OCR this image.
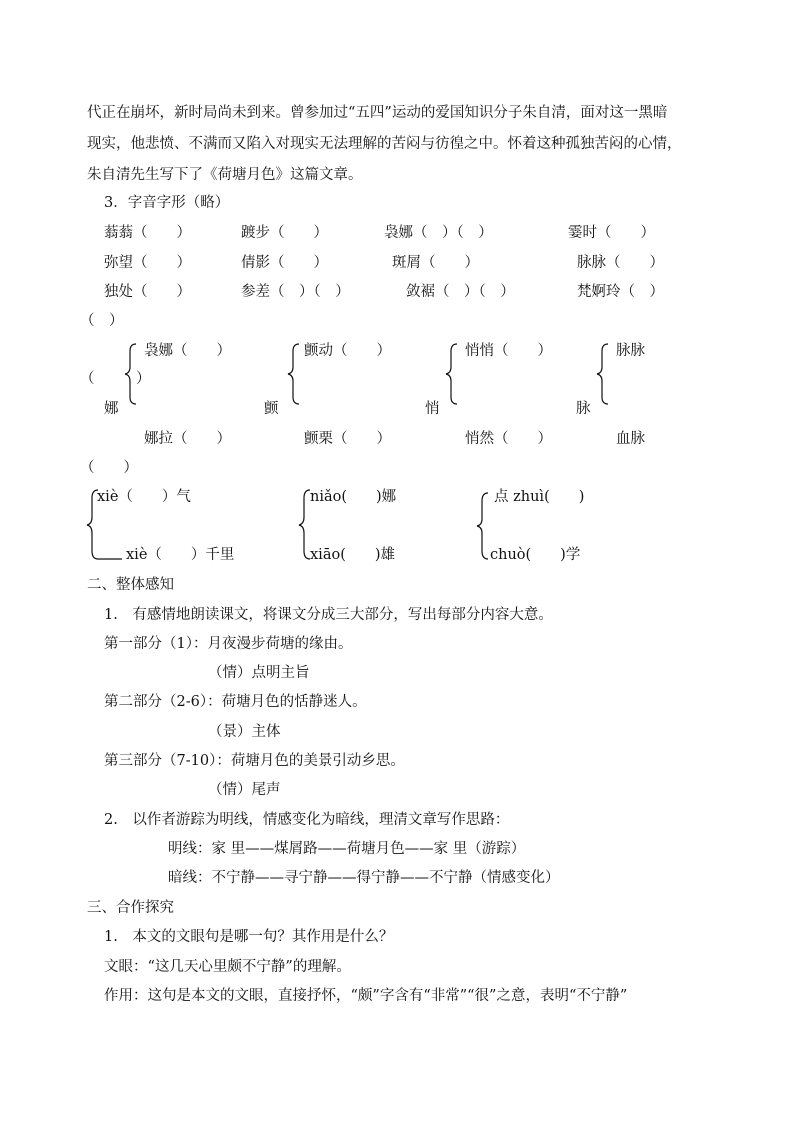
代正在崩坏，新时局尚未到来。曾参加过“五四”运动的爱国知识分子朱自清，面对这一黑暗
现实，他悲愤、不满而又陷入对现实无法理解的苦闷与彷徨之中。怀着这种孤独苦闷的心情，
朱自清先生写下了《荷塘月色》这篇文章。
3．字音字形（略）
蓊蓊（　　）	踱步（　　）	袅娜（　）（　）	霎时（　　）
弥望（　　）	倩影（　　）	斑屑（　　）	脉脉（　　）
独处（　　）	参差（　）（　）	敛裾（　）（　）	梵婀玲（　）
（　）
袅娜（　　）	颤动（　　）	悄悄（　　）	脉脉
（	）
娜	颤	悄	脉
娜拉（　　）	颤栗（　　）	悄然（　　）	血脉
（　　）
xiè（　　）气	niǎo(　　)娜	点 zhuì(　　)
xiè（　　）千里	xiāo(　　)雄	chuò(　　)学
二、整体感知
1.　有感情地朗读课文，将课文分成三大部分，写出每部分内容大意。
第一部分（1）：月夜漫步荷塘的缘由。
（情）点明主旨
第二部分（2-6）：荷塘月色的恬静迷人。
（景）主体
第三部分（7-10）：荷塘月色的美景引动乡思。
（情）尾声
2.　以作者游踪为明线，情感变化为暗线，理清文章写作思路：
明线：家 里——煤屑路——荷塘月色——家 里（游踪）
暗线：不宁静——寻宁静——得宁静——不宁静（情感变化）
三、合作探究
1.　本文的文眼句是哪一句？其作用是什么？
文眼：“这几天心里颇不宁静”的理解。
作用：这句是本文的文眼，直接抒怀，“颇”字含有“非常”“很”之意，表明“不宁静”
